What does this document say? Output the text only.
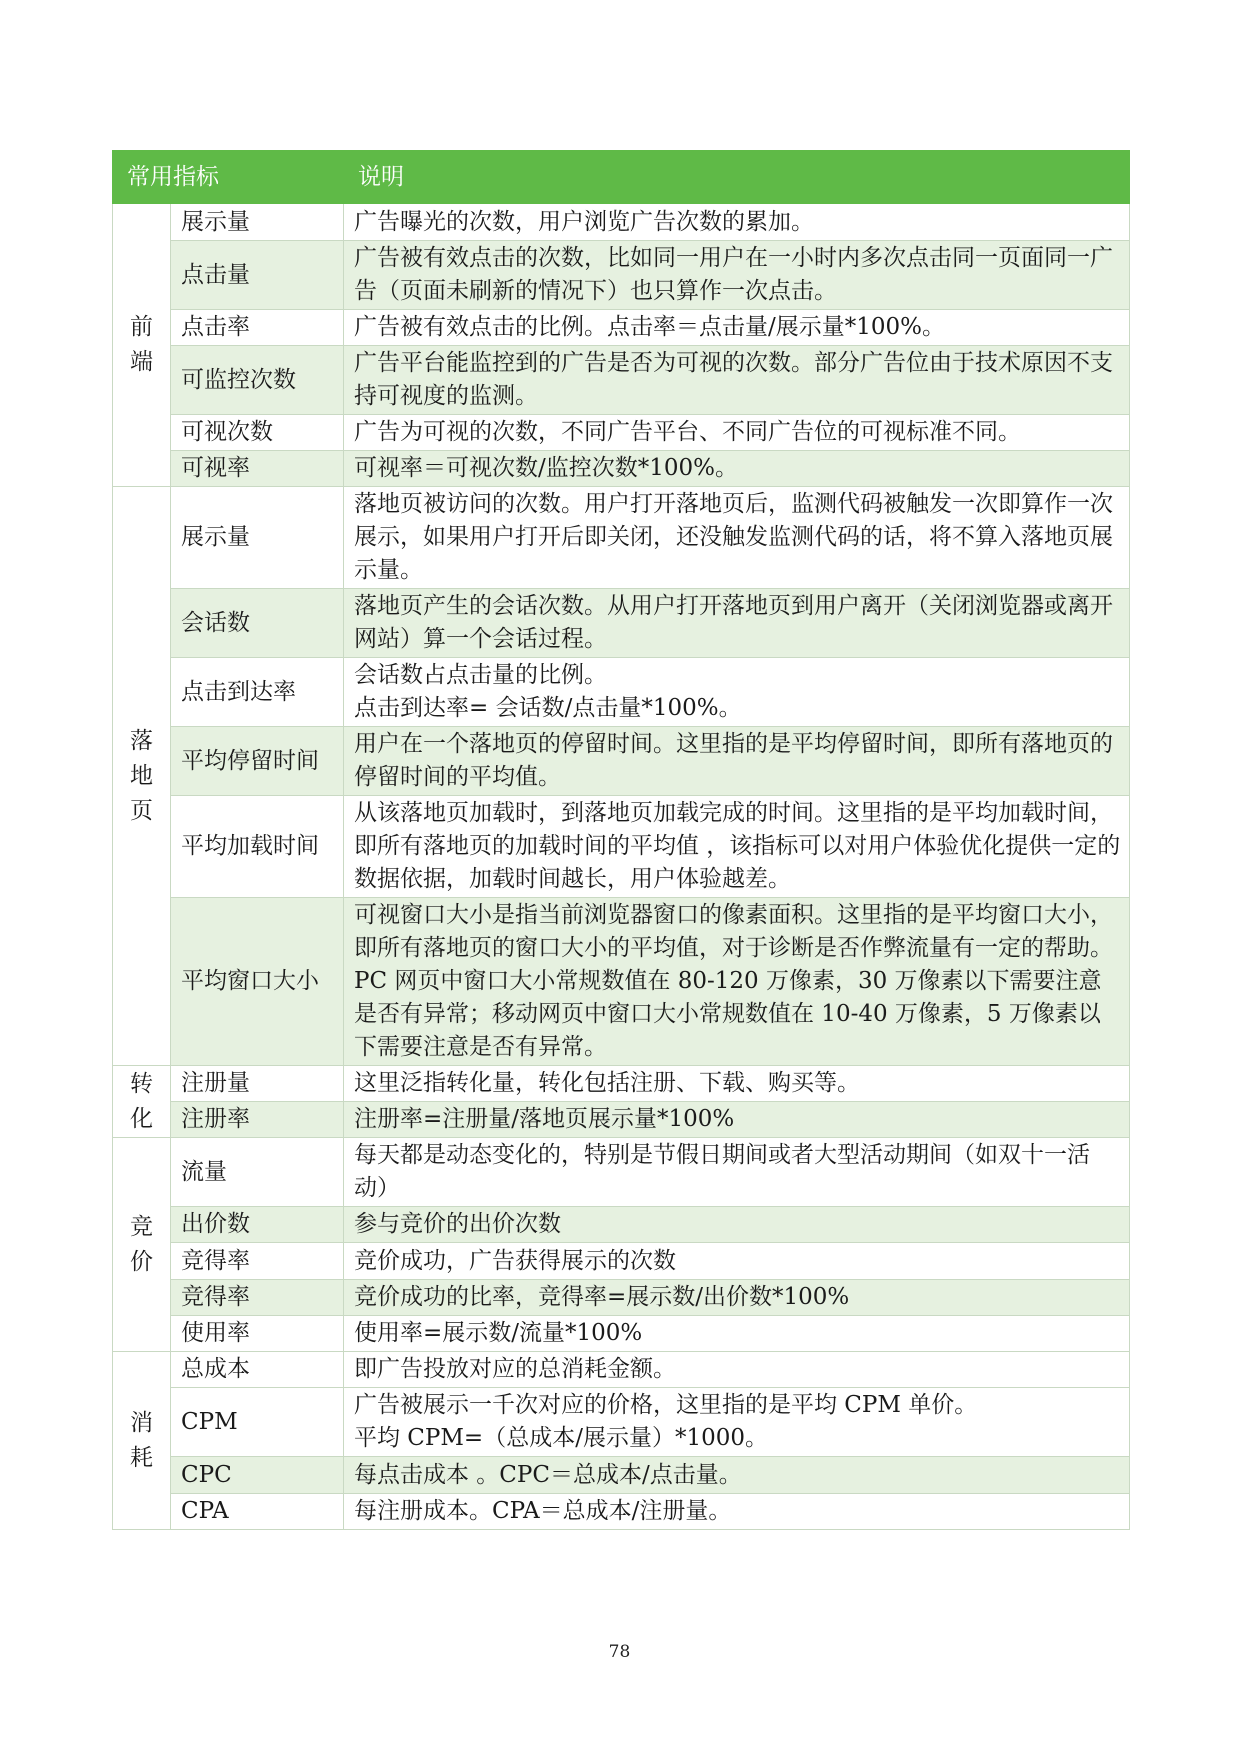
常用指标		说明

前
端	展示量	广告曝光的次数，用户浏览广告次数的累加。
	点击量	广告被有效点击的次数，比如同一用户在一小时内多次点击同一页面同一广告（页面未刷新的情况下）也只算作一次点击。
	点击率	广告被有效点击的比例。点击率＝点击量/展示量*100%。
	可监控次数	广告平台能监控到的广告是否为可视的次数。部分广告位由于技术原因不支持可视度的监测。
	可视次数	广告为可视的次数，不同广告平台、不同广告位的可视标准不同。
	可视率	可视率＝可视次数/监控次数*100%。

落
地
页	展示量	落地页被访问的次数。用户打开落地页后，监测代码被触发一次即算作一次展示，如果用户打开后即关闭，还没触发监测代码的话，将不算入落地页展示量。
	会话数	落地页产生的会话次数。从用户打开落地页到用户离开（关闭浏览器或离开网站）算一个会话过程。
	点击到达率	会话数占点击量的比例。
点击到达率= 会话数/点击量*100%。
	平均停留时间	用户在一个落地页的停留时间。这里指的是平均停留时间，即所有落地页的停留时间的平均值。
	平均加载时间	从该落地页加载时，到落地页加载完成的时间。这里指的是平均加载时间，即所有落地页的加载时间的平均值 ，该指标可以对用户体验优化提供一定的数据依据，加载时间越长，用户体验越差。
	平均窗口大小	可视窗口大小是指当前浏览器窗口的像素面积。这里指的是平均窗口大小，即所有落地页的窗口大小的平均值，对于诊断是否作弊流量有一定的帮助。PC 网页中窗口大小常规数值在 80-120 万像素，30 万像素以下需要注意是否有异常；移动网页中窗口大小常规数值在 10-40 万像素，5 万像素以下需要注意是否有异常。

转
化	注册量	这里泛指转化量，转化包括注册、下载、购买等。
	注册率	注册率=注册量/落地页展示量*100%

竞
价	流量	每天都是动态变化的，特别是节假日期间或者大型活动期间（如双十一活动）
	出价数	参与竞价的出价次数
	竞得率	竞价成功，广告获得展示的次数
	竞得率	竞价成功的比率，竞得率=展示数/出价数*100%
	使用率	使用率=展示数/流量*100%

消
耗	总成本	即广告投放对应的总消耗金额。
	CPM	广告被展示一千次对应的价格，这里指的是平均 CPM 单价。
平均 CPM=（总成本/展示量）*1000。
	CPC	每点击成本 。CPC＝总成本/点击量。
	CPA	每注册成本。CPA＝总成本/注册量。
78
